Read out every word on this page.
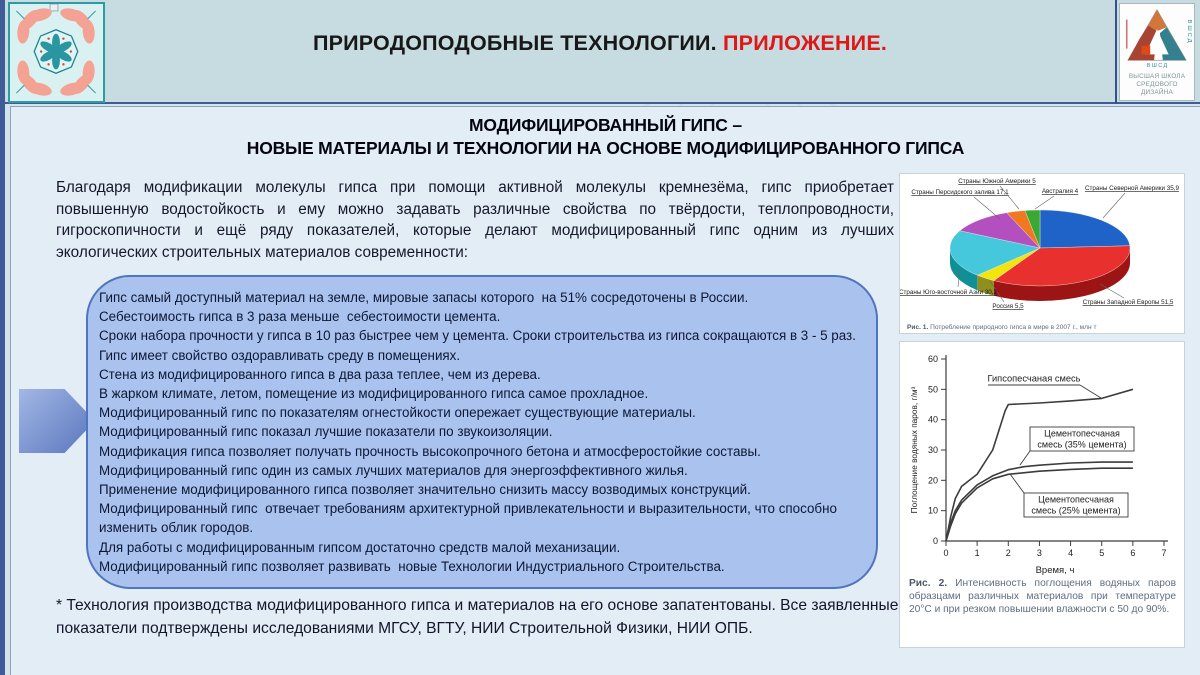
ПРИРОДОПОДОБНЫЕ ТЕХНОЛОГИИ. ПРИЛОЖЕНИЕ.	ВШСД
В Ш С Д
ВЫСШАЯ ШКОЛА
СРЕДОВОГО ДИЗАЙНА
МОДИФИЦИРОВАННЫЙ ГИПС –
НОВЫЕ МАТЕРИАЛЫ И ТЕХНОЛОГИИ НА ОСНОВЕ МОДИФИЦИРОВАННОГО ГИПСА
Благодаря модификации молекулы гипса при помощи активной молекулы кремнезёма, гипс приобретает повышенную водостойкость и ему можно задавать различные свойства по твёрдости, теплопроводности, гигроскопичности и ещё ряду показателей, которые делают модифицированный гипс одним из лучших экологических строительных материалов современности:
Гипс самый доступный материал на земле, мировые запасы которого  на 51% сосредоточены в России.
Себестоимость гипса в 3 раза меньше  себестоимости цемента.
Сроки набора прочности у гипса в 10 раз быстрее чем у цемента. Сроки строительства из гипса сокращаются в 3 - 5 раз.
Гипс имеет свойство оздоравливать среду в помещениях.
Стена из модифицированного гипса в два раза теплее, чем из дерева.
В жарком климате, летом, помещение из модифицированного гипса самое прохладное.
Модифицированный гипс по показателям огнестойкости опережает существующие материалы.
Модифицированный гипс показал лучшие показатели по звукоизоляции.
Модификация гипса позволяет получать прочность высокопрочного бетона и атмосферостойкие составы.
Модифицированный гипс один из самых лучших материалов для энергоэффективного жилья.
Применение модифицированного гипса позволяет значительно снизить массу возводимых конструкций.
Модифицированный гипс  отвечает требованиям архитектурной привлекательности и выразительности, что способно изменить облик городов.
Для работы с модифицированным гипсом достаточно средств малой механизации.
Модифицированный гипс позволяет развивать  новые Технологии Индустриального Строительства.
* Технология производства модифицированного гипса и материалов на его основе запатентованы. Все заявленные показатели подтверждены исследованиями МГСУ, ВГТУ, НИИ Строительной Физики, НИИ ОПБ.
Страны Северной Америки 35,9
Страны Западной Европы 51,5
Россия 5,5
Страны Юго-восточной Азии 30,2
Страны Персидского залива 17,1
Страны Южной Америки 5
Австралия 4
Рис. 1. Потребление природного гипса в мире в 2007 г., млн т
0
10
20
30
40
50
60
0	1	2	3	4	5	6	7
Поглощение водяных паров, г/м³
Время, ч
Гипсопесчаная смесь
Цементопесчаная
смесь (35% цемента)
Цементопесчаная
смесь (25% цемента)
Рис. 2. Интенсивность поглощения водяных паров образцами различных материалов при температуре 20°С и при резком повышении влажности с 50 до 90%.
